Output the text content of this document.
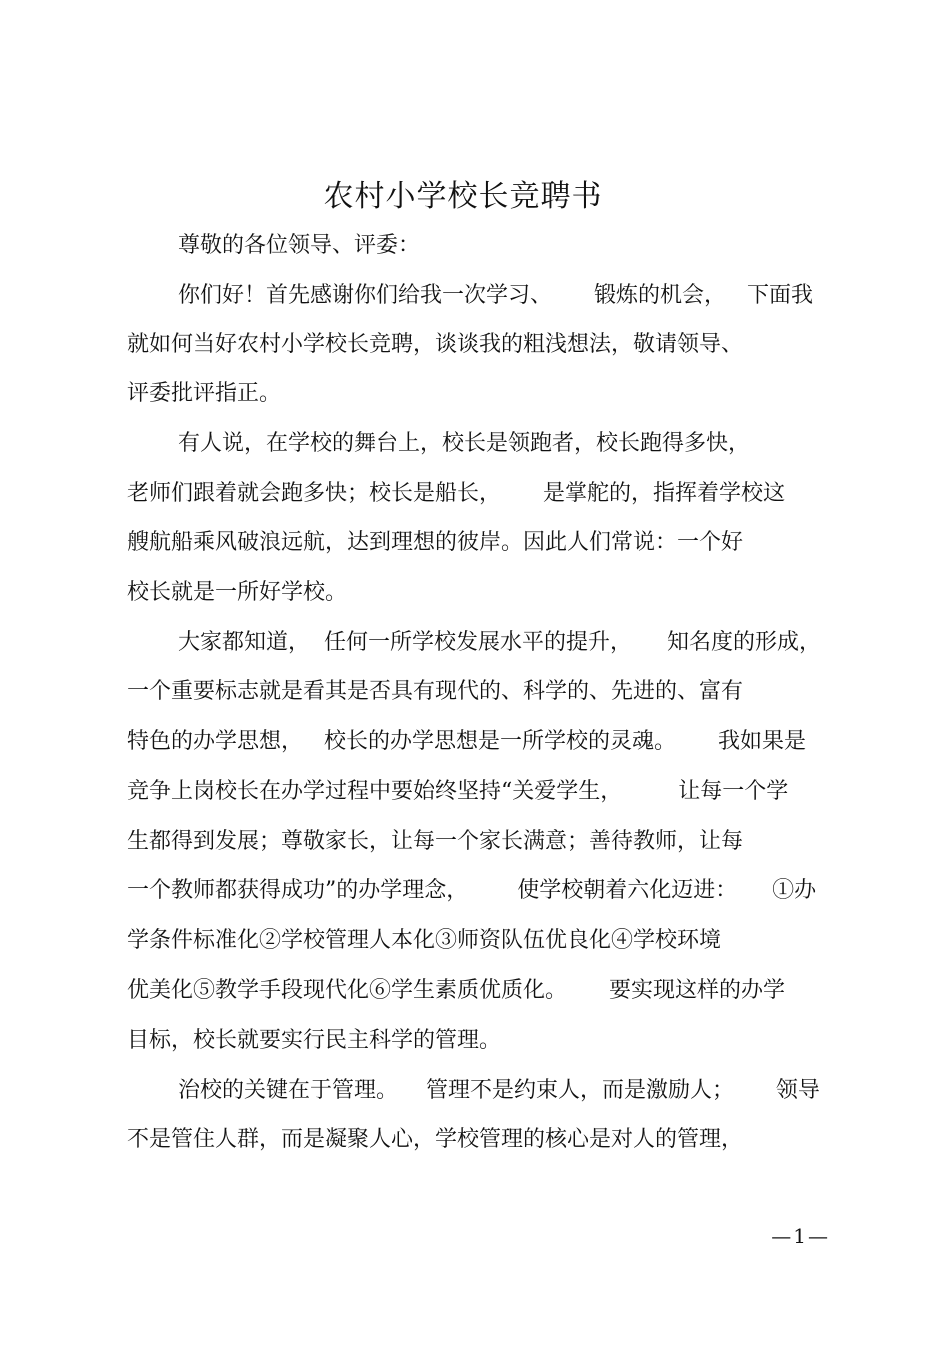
农村小学校长竞聘书
尊敬的各位领导、评委：
你们好！首先感谢你们给我一次学习、      锻炼的机会，   下面我
就如何当好农村小学校长竞聘，谈谈我的粗浅想法，敬请领导、
评委批评指正。
有人说，在学校的舞台上，校长是领跑者，校长跑得多快，
老师们跟着就会跑多快；校长是船长，      是掌舵的，指挥着学校这
艘航船乘风破浪远航，达到理想的彼岸。因此人们常说：一个好
校长就是一所好学校。
大家都知道，  任何一所学校发展水平的提升，     知名度的形成，
一个重要标志就是看其是否具有现代的、科学的、先进的、富有
特色的办学思想，   校长的办学思想是一所学校的灵魂。      我如果是
竞争上岗校长在办学过程中要始终坚持“关爱学生，        让每一个学
生都得到发展；尊敬家长，让每一个家长满意；善待教师，让每
一个教师都获得成功”的办学理念，       使学校朝着六化迈进：     ①办
学条件标准化②学校管理人本化③师资队伍优良化④学校环境
优美化⑤教学手段现代化⑥学生素质优质化。      要实现这样的办学
目标，校长就要实行民主科学的管理。
治校的关键在于管理。    管理不是约束人，而是激励人；      领导
不是管住人群，而是凝聚人心，学校管理的核心是对人的管理，
—1—
